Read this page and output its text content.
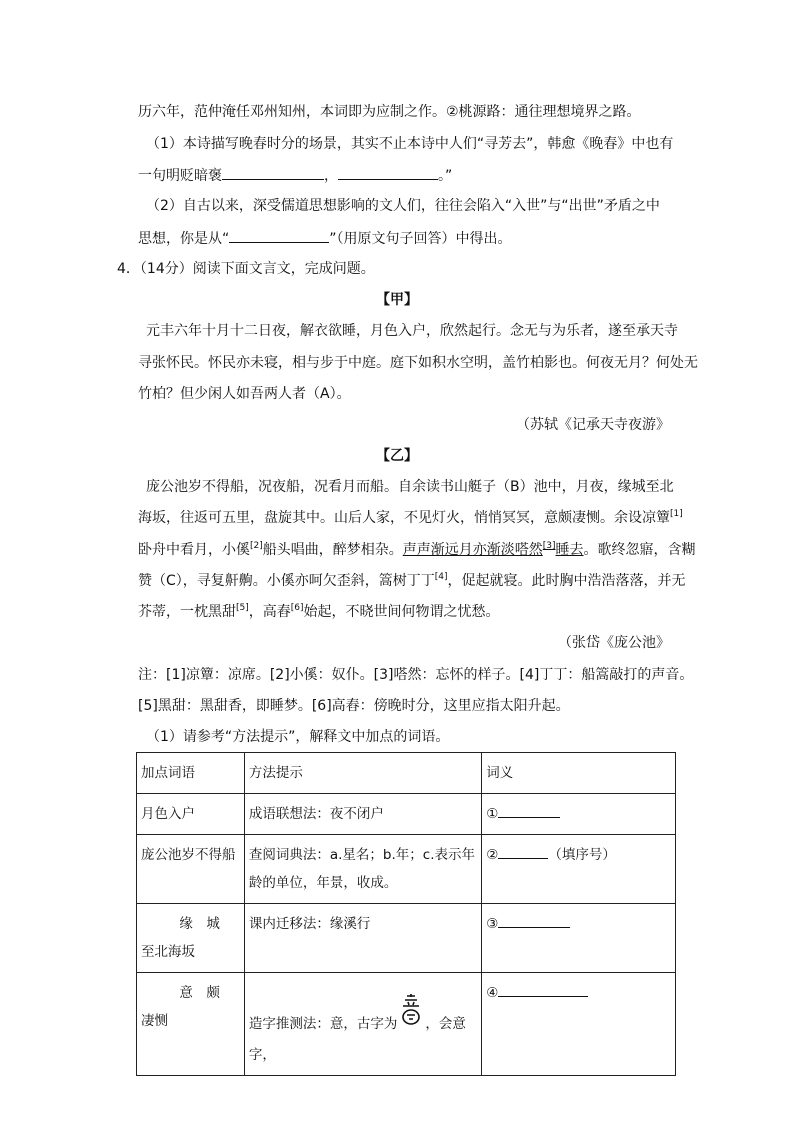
历六年，范仲淹任邓州知州，本词即为应制之作。②桃源路：通往理想境界之路。
（1）本诗描写晚春时分的场景，其实不止本诗中人们“寻芳去”，韩愈《晚春》中也有
一句明贬暗褒	，	。”
（2）自古以来，深受儒道思想影响的文人们，往往会陷入“入世”与“出世”矛盾之中
思想，你是从“	”（用原文句子回答）中得出。
4．（14分）阅读下面文言文，完成问题。
【甲】
元丰六年十月十二日夜，解衣欲睡，月色入户，欣然起行。念无与为乐者，遂至承天寺
寻张怀民。怀民亦未寝，相与步于中庭。庭下如积水空明，盖竹柏影也。何夜无月？何处无
竹柏？但少闲人如吾两人者（A）。
（苏轼《记承天寺夜游》
【乙】
庞公池岁不得船，况夜船，况看月而船。自余读书山艇子（B）池中，月夜，缘城至北
海坂，往返可五里，盘旋其中。山后人家，不见灯火，悄悄冥冥，意颇凄恻。余设凉簟[1]
卧舟中看月，小傒[2]船头唱曲，醉梦相杂。声声渐远月亦渐淡嗒然[3]睡去。歌终忽寤，含糊
赞（C），寻复鼾齁。小傒亦呵欠歪斜，篙树丁丁[4]，促起就寝。此时胸中浩浩落落，并无
芥蒂，一枕黑甜[5]，高舂[6]始起，不晓世间何物谓之忧愁。
（张岱《庞公池》
注：[1]凉簟：凉席。[2]小傒：奴仆。[3]嗒然：忘怀的样子。[4]丁丁：船篙敲打的声音。
[5]黑甜：黑甜香，即睡梦。[6]高舂：傍晚时分，这里应指太阳升起。
（1）请参考“方法提示”，解释文中加点的词语。
加点词语	方法提示	词义
月色入户	成语联想法：夜不闭户	①
庞公池岁不得船	查阅词典法：a.星名；b.年；c.表示年
龄的单位，年景，收成。	② （填序号）

缘　城
至北海坂	课内迁移法：缘溪行	③

意　颇
凄恻	造字推测法：意，古字为 ，会意字，	④
